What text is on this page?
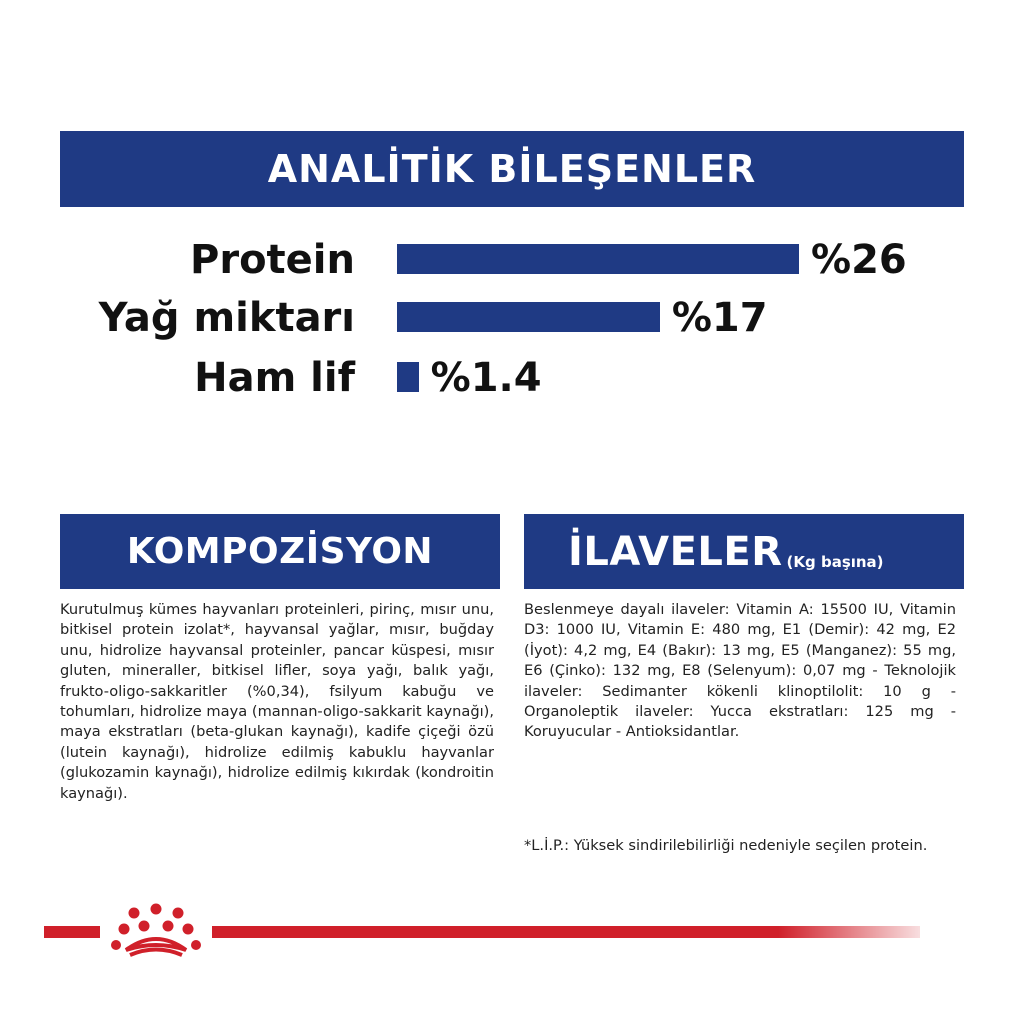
ANALİTİK BİLEŞENLER
Protein	%26
Yağ miktarı	%17
Ham lif %1.4
KOMPOZİSYON

Kurutulmuş kümes hayvanları proteinleri, pirinç, mısır unu, bitkisel protein izolat*, hayvansal yağlar, mısır, buğday unu, hidrolize hayvansal proteinler, pancar küspesi, mısır gluten, mineraller, bitkisel lifler, soya yağı, balık yağı, frukto-oligo-sakkaritler (%0,34), fsilyum kabuğu ve tohumları, hidrolize maya (mannan-oligo-sakkarit kaynağı), maya ekstratları (beta-glukan kaynağı), kadife çiçeği özü (lutein kaynağı), hidrolize edilmiş kabuklu hayvanlar (glukozamin kaynağı), hidrolize edilmiş kıkırdak (kondroitin kaynağı).

İLAVELER (Kg başına)

Beslenmeye dayalı ilaveler: Vitamin A: 15500 IU, Vitamin D3: 1000 IU, Vitamin E: 480 mg, E1 (Demir): 42 mg, E2 (İyot): 4,2 mg, E4 (Bakır): 13 mg, E5 (Manganez): 55 mg, E6 (Çinko): 132 mg, E8 (Selenyum): 0,07 mg - Teknolojik ilaveler: Sedimanter kökenli klinoptilolit: 10 g - Organoleptik ilaveler: Yucca ekstratları: 125 mg - Koruyucular - Antioksidantlar.

*L.İ.P.: Yüksek sindirilebilirliği nedeniyle seçilen protein.
